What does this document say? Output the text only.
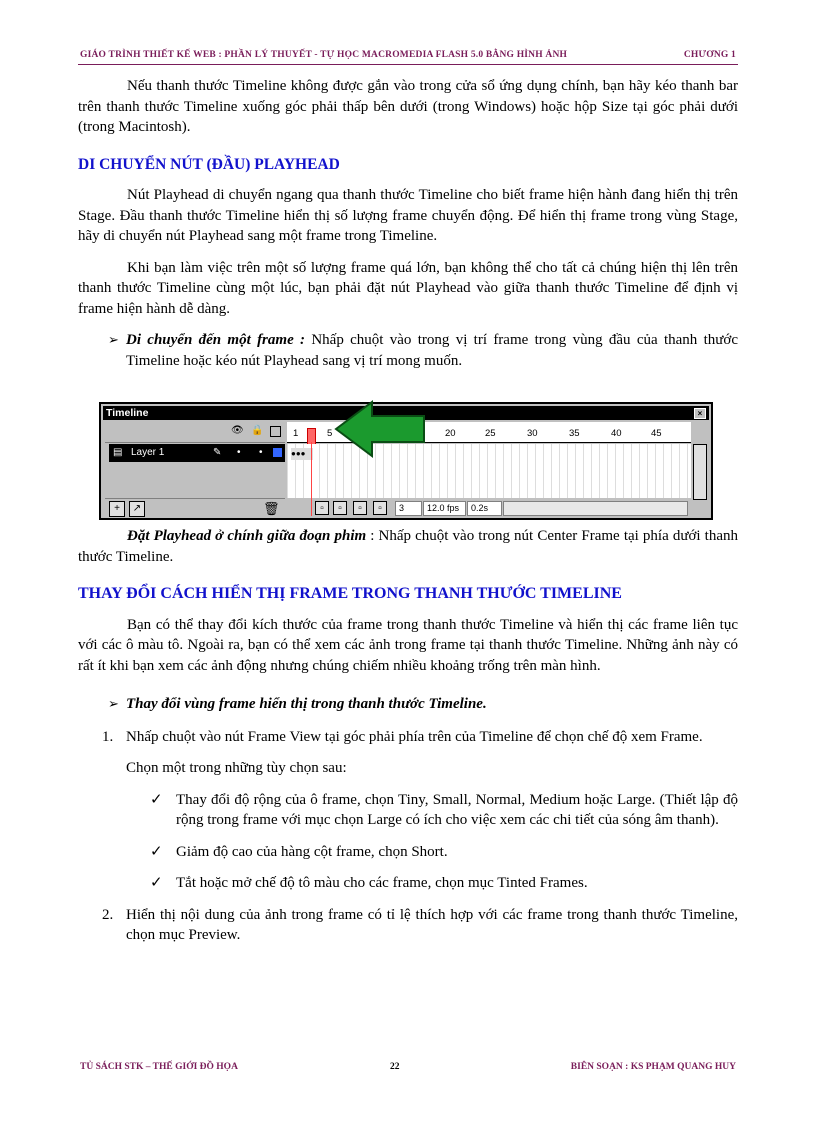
GIÁO TRÌNH THIẾT KẾ WEB : PHẦN LÝ THUYẾT - TỰ HỌC MACROMEDIA FLASH 5.0 BẰNG HÌNH ẢNH	CHƯƠNG 1

Nếu thanh thước Timeline không được gắn vào trong cửa sổ ứng dụng chính, bạn hãy kéo thanh bar trên thanh thước Timeline xuống góc phải thấp bên dưới (trong Windows) hoặc hộp Size tại góc phải dưới (trong Macintosh).

DI CHUYỂN NÚT (ĐẦU) PLAYHEAD

Nút Playhead di chuyển ngang qua thanh thước Timeline cho biết frame hiện hành đang hiển thị trên Stage. Đầu thanh thước Timeline hiển thị số lượng frame chuyển động. Để hiển thị frame trong vùng Stage, hãy di chuyển nút Playhead sang một frame trong Timeline.

Khi bạn làm việc trên một số lượng frame quá lớn, bạn không thể cho tất cả chúng hiện thị lên trên thanh thước Timeline cùng một lúc, bạn phải đặt nút Playhead vào giữa thanh thước Timeline để định vị frame hiện hành dễ dàng.

➢ Di chuyển đến một frame : Nhấp chuột vào trong vị trí frame trong vùng đầu của thanh thước Timeline hoặc kéo nút Playhead sang vị trí mong muốn.

Đặt Playhead ở chính giữa đoạn phim : Nhấp chuột vào trong nút Center Frame tại phía dưới thanh thước Timeline.

THAY ĐỔI CÁCH HIỂN THỊ FRAME TRONG THANH THƯỚC TIMELINE

Bạn có thể thay đổi kích thước của frame trong thanh thước Timeline và hiển thị các frame liên tục với các ô màu tô. Ngoài ra, bạn có thể xem các ảnh trong frame tại thanh thước Timeline. Những ảnh này có rất ít khi bạn xem các ảnh động nhưng chúng chiếm nhiều khoảng trống trên màn hình.

➢ Thay đổi vùng frame hiển thị trong thanh thước Timeline.
1. Nhấp chuột vào nút Frame View tại góc phải phía trên của Timeline để chọn chế độ xem Frame.

Chọn một trong những tùy chọn sau:

✓ Thay đổi độ rộng của ô frame, chọn Tiny, Small, Normal, Medium hoặc Large. (Thiết lập độ rộng trong frame với mục chọn Large có ích cho việc xem các chi tiết của sóng âm thanh).
✓ Giảm độ cao của hàng cột frame, chọn Short.
✓ Tắt hoặc mở chế độ tô màu cho các frame, chọn mục Tinted Frames.
2. Hiển thị nội dung của ảnh trong frame có tỉ lệ thích hợp với các frame trong thanh thước Timeline, chọn mục Preview.
Timeline	×
👁 🔒
▤ Layer 1	✎ • •
+	↗	🗑
1	5	20	25	30	35	40	45
●●●
▫	▫	▫	▫	3	12.0 fps	0.2s
TỦ SÁCH STK – THẾ GIỚI ĐỒ HỌA	22	BIÊN SOẠN : KS PHẠM QUANG HUY
